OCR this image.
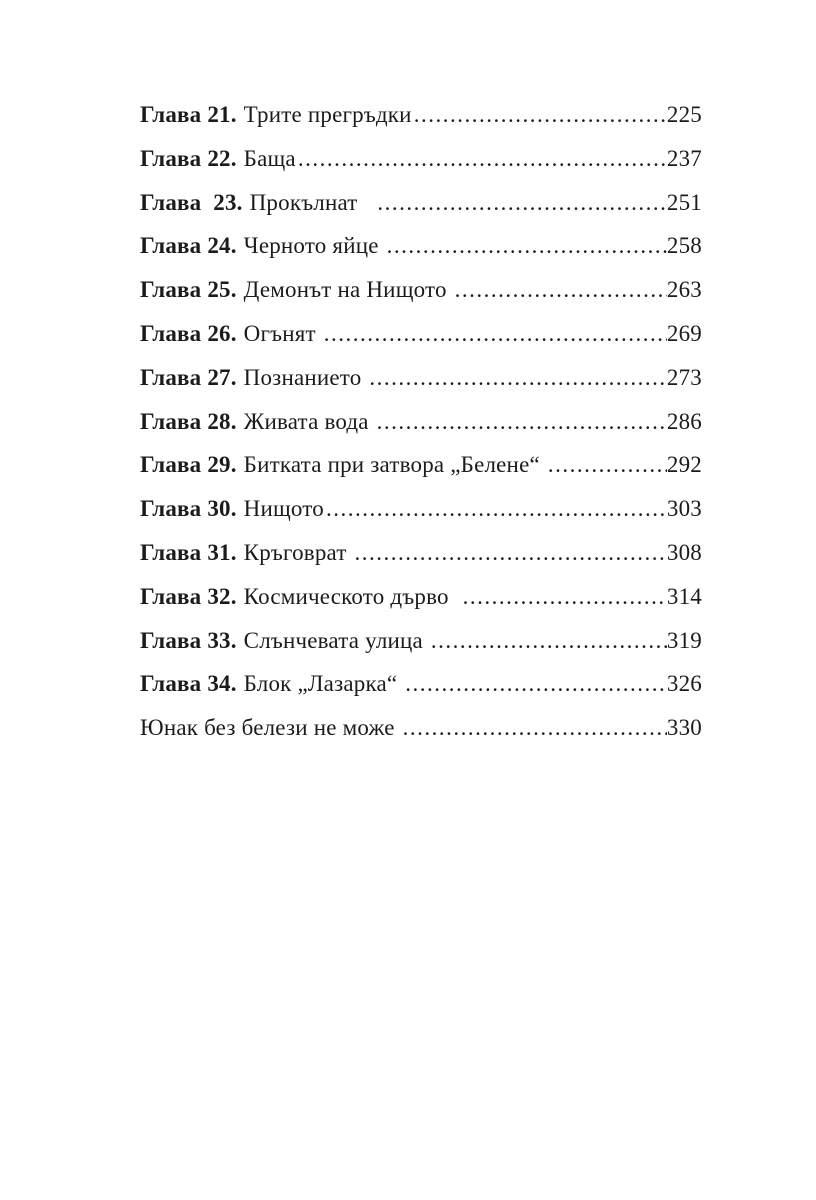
Глава 21. Трите прегръдки .....	225
Глава 22. Баща .....	237
Глава  23. Прокълнат .....	251
Глава 24. Черното яйце .....	258
Глава 25. Демонът на Нищото .....	263
Глава 26. Огънят .....	269
Глава 27. Познанието .....	273
Глава 28. Живата вода .....	286
Глава 29. Битката при затвора „Белене“ .....	292
Глава 30. Нищото .....	303
Глава 31. Кръговрат .....	308
Глава 32. Космическото дърво .....	314
Глава 33. Слънчевата улица .....	319
Глава 34. Блок „Лазарка“ .....	326
Юнак без белези не може .....	330
